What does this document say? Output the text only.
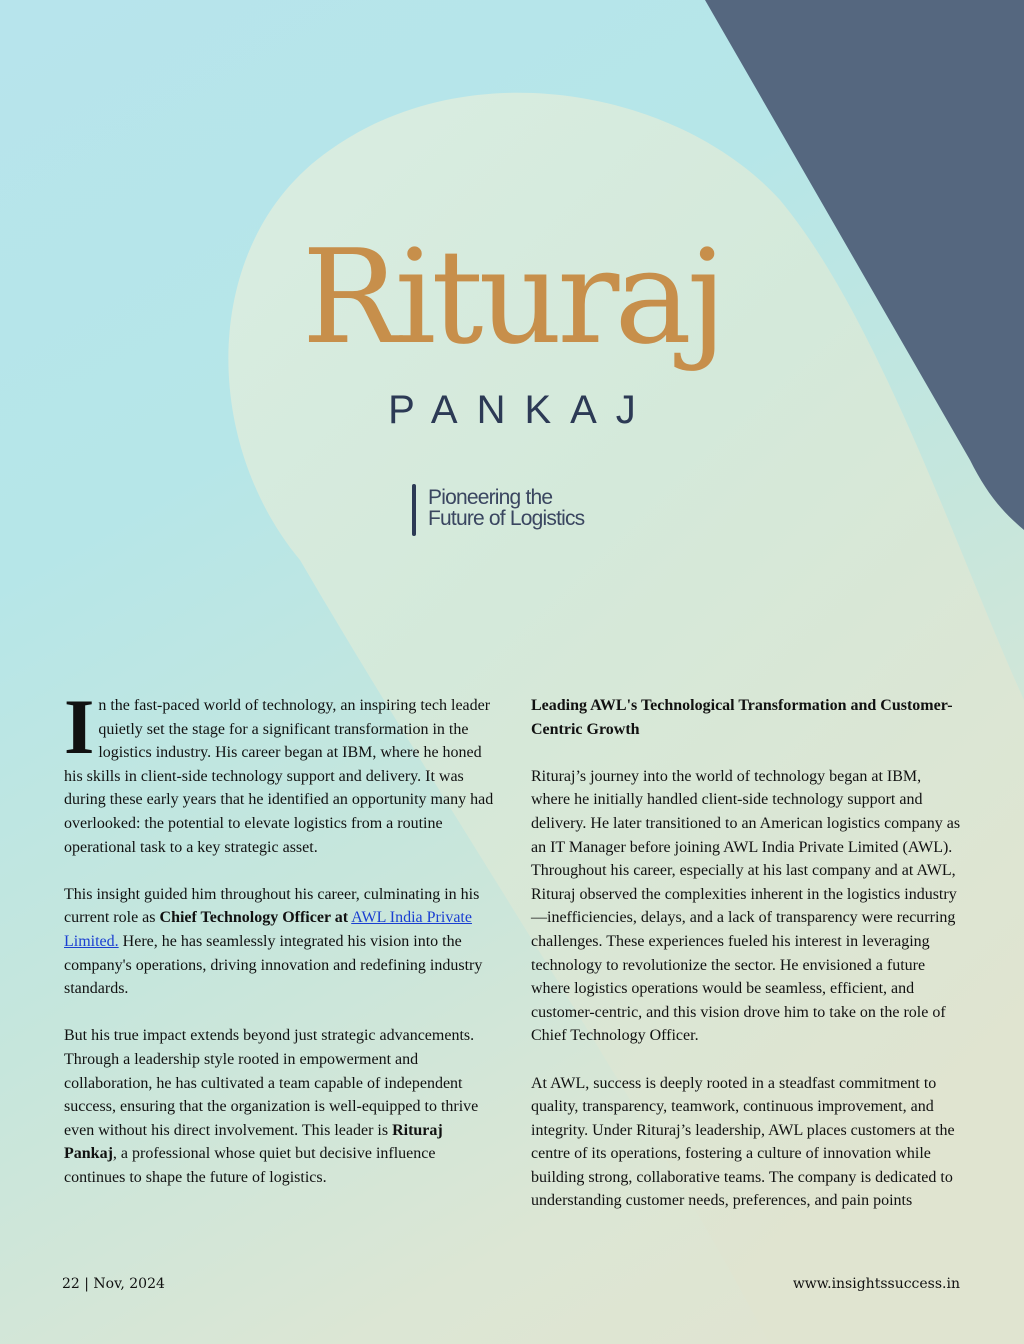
Rituraj
PANKAJ
Pioneering the
Future of Logistics

In the fast-paced world of technology, an inspiring tech leader quietly set the stage for a significant transformation in the logistics industry. His career began at IBM, where he honed his skills in client-side technology support and delivery. It was during these early years that he identified an opportunity many had overlooked: the potential to elevate logistics from a routine operational task to a key strategic asset.

This insight guided him throughout his career, culminating in his current role as Chief Technology Officer at AWL India Private Limited. Here, he has seamlessly integrated his vision into the company's operations, driving innovation and redefining industry standards.

But his true impact extends beyond just strategic advancements. Through a leadership style rooted in empowerment and collaboration, he has cultivated a team capable of independent success, ensuring that the organization is well-equipped to thrive even without his direct involvement. This leader is Rituraj Pankaj, a professional whose quiet but decisive influence continues to shape the future of logistics.

Leading AWL's Technological Transformation and Customer-Centric Growth

Rituraj’s journey into the world of technology began at IBM, where he initially handled client-side technology support and delivery. He later transitioned to an American logistics company as an IT Manager before joining AWL India Private Limited (AWL). Throughout his career, especially at his last company and at AWL, Rituraj observed the complexities inherent in the logistics industry—inefficiencies, delays, and a lack of transparency were recurring challenges. These experiences fueled his interest in leveraging technology to revolutionize the sector. He envisioned a future where logistics operations would be seamless, efficient, and customer-centric, and this vision drove him to take on the role of Chief Technology Officer.

At AWL, success is deeply rooted in a steadfast commitment to quality, transparency, teamwork, continuous improvement, and integrity. Under Rituraj’s leadership, AWL places customers at the centre of its operations, fostering a culture of innovation while building strong, collaborative teams. The company is dedicated to understanding customer needs, preferences, and pain points

22 | Nov, 2024	www.insightssuccess.in
